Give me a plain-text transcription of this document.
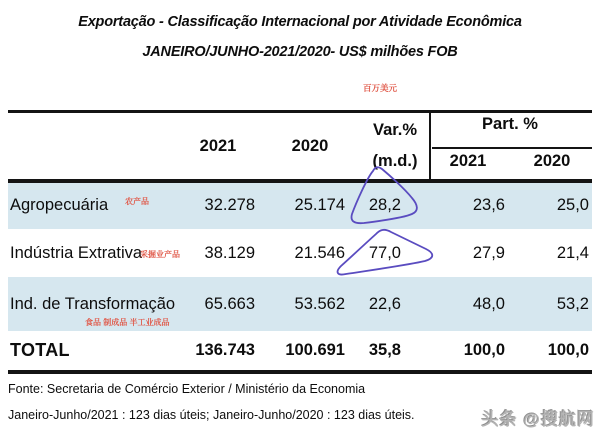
Exportação - Classificação Internacional por Atividade Econômica
JANEIRO/JUNHO-2021/2020- US$ milhões FOB
百万美元
2021	2020
Var.%
(m.d.)
Part. %
2021	2020
Agropecuária	32.278	25.174	28,2	23,6	25,0
农产品
Indústria Extrativa	38.129	21.546	77,0	27,9	21,4
采掘业产品
Ind. de Transformação	65.663	53.562	22,6	48,0	53,2
食品 制成品 半工业成品
TOTAL	136.743	100.691	35,8	100,0	100,0
Fonte: Secretaria de Comércio Exterior / Ministério da Economia
Janeiro-Junho/2021 : 123 dias úteis; Janeiro-Junho/2020 : 123 dias úteis.	头条 @搜航网
